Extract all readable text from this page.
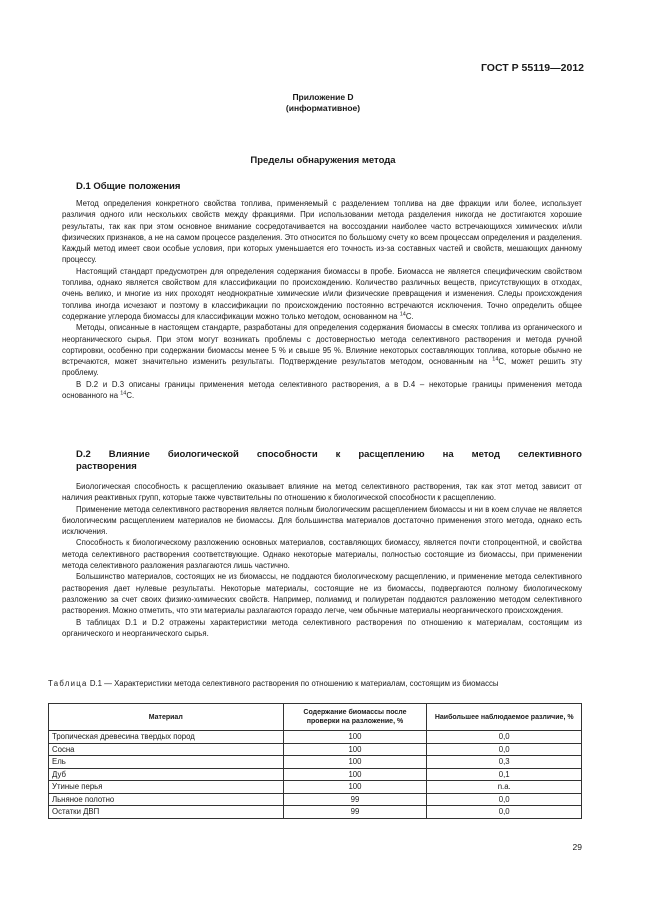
ГОСТ Р 55119—2012
Приложение D
(информативное)
Пределы обнаружения метода
D.1 Общие положения
Метод определения конкретного свойства топлива, применяемый с разделением топлива на две фракции или более, использует различия одного или нескольких свойств между фракциями. При использовании метода разделения никогда не достигаются хорошие результаты, так как при этом основное внимание сосредотачивается на воссоздании наиболее часто встречающихся химических и/или физических признаков, а не на самом процессе разделения. Это относится по большому счету ко всем процессам определения и разделения. Каждый метод имеет свои особые условия, при которых уменьшается его точность из-за составных частей и свойств, мешающих данному процессу.
Настоящий стандарт предусмотрен для определения содержания биомассы в пробе. Биомасса не является специфическим свойством топлива, однако является свойством для классификации по происхождению. Количество различных веществ, присутствующих в отходах, очень велико, и многие из них проходят неоднократные химические и/или физические превращения и изменения. Следы происхождения топлива иногда исчезают и поэтому в классификации по происхождению постоянно встречаются исключения. Точно определить общее содержание углерода биомассы для классификации можно только методом, основанном на $^{14}$C.
Методы, описанные в настоящем стандарте, разработаны для определения содержания биомассы в смесях топлива из органического и неорганического сырья. При этом могут возникать проблемы с достоверностью метода селективного растворения и метода ручной сортировки, особенно при содержании биомассы менее 5 % и свыше 95 %. Влияние некоторых составляющих топлива, которые обычно не встречаются, может значительно изменить результаты. Подтверждение результатов методом, основанным на $^{14}$C, может решить эту проблему.
В D.2 и D.3 описаны границы применения метода селективного растворения, а в D.4 – некоторые границы применения метода основанного на $^{14}$C.
D.2 Влияние биологической способности к расщеплению на метод селективного
растворения
Биологическая способность к расщеплению оказывает влияние на метод селективного растворения, так как этот метод зависит от наличия реактивных групп, которые также чувствительны по отношению к биологической способности к расщеплению.
Применение метода селективного растворения является полным биологическим расщеплением биомассы и ни в коем случае не является биологическим расщеплением материалов не биомассы. Для большинства материалов достаточно применения этого метода, однако есть исключения.
Способность к биологическому разложению основных материалов, составляющих биомассу, является почти стопроцентной, и свойства метода селективного растворения соответствующие. Однако некоторые материалы, полностью состоящие из биомассы, при применении метода селективного разложения разлагаются лишь частично.
Большинство материалов, состоящих не из биомассы, не поддаются биологическому расщеплению, и применение метода селективного растворения дает нулевые результаты. Некоторые материалы, состоящие не из биомассы, подвергаются полному биологическому разложению за счет своих физико-химических свойств. Например, полиамид и полиуретан поддаются разложению методом селективного растворения. Можно отметить, что эти материалы разлагаются гораздо легче, чем обычные материалы неорганического происхождения.
В таблицах D.1 и D.2 отражены характеристики метода селективного растворения по отношению к материалам, состоящим из органического и неорганического сырья.
Таблица D.1 — Характеристики метода селективного растворения по отношению к материалам, состоящим из биомассы
Материал	Содержание биомассы после проверки на разложение, %	Наибольшее наблюдаемое различие, %
Тропическая древесина твердых пород	100	0,0
Сосна	100	0,0
Ель	100	0,3
Дуб	100	0,1
Утиные перья	100	n.a.
Льняное полотно	99	0,0
Остатки ДВП	99	0,0
29
